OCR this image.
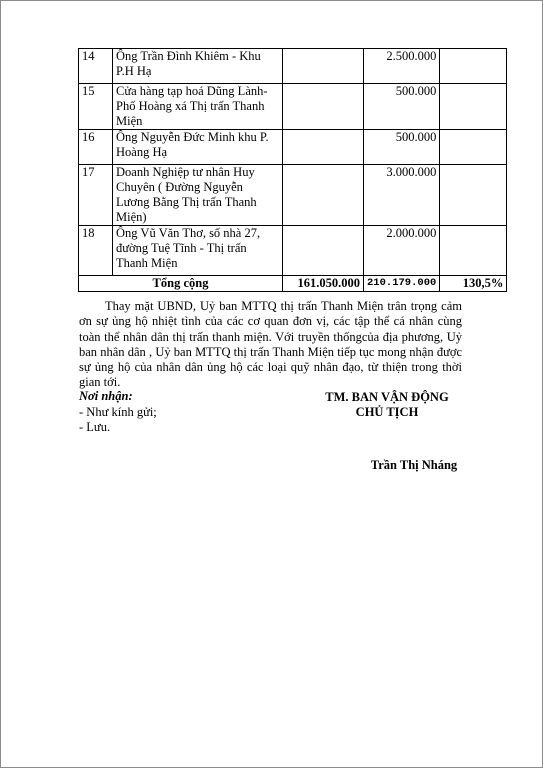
14	Ông Trần Đình Khiêm - Khu P.H Hạ		2.500.000	
15	Cửa hàng tạp hoá Dũng Lành- Phố Hoàng xá Thị trấn Thanh Miện		500.000	
16	Ông Nguyễn Đức Minh khu P. Hoàng Hạ		500.000	
17	Doanh Nghiệp tư nhân Huy Chuyên ( Đường Nguyễn Lương Bằng Thị trấn Thanh Miện)		3.000.000	
18	Ông Vũ Văn Thơ, số nhà 27, đường Tuệ Tĩnh - Thị trấn Thanh Miện		2.000.000	
Tổng cộng		161.050.000	210.179.000	130,5%

Thay mặt UBND, Uỷ ban MTTQ thị trấn Thanh Miện trân trọng cảm ơn sự ủng hộ nhiệt tình của các cơ quan đơn vị, các tập thể cá nhân cùng toàn thể nhân dân thị trấn thanh miện. Với truyền thốngcủa địa phương, Uỷ ban nhân dân , Uỷ ban MTTQ thị trấn Thanh Miện tiếp tục mong nhận được sự ủng hộ của nhân dân ủng hộ các loại quỹ nhân đạo, từ thiện trong thời gian tới.

Nơi nhận:
- Như kính gửi;
- Lưu.
TM. BAN VẬN ĐỘNG
CHỦ TỊCH
Trần Thị Nháng
